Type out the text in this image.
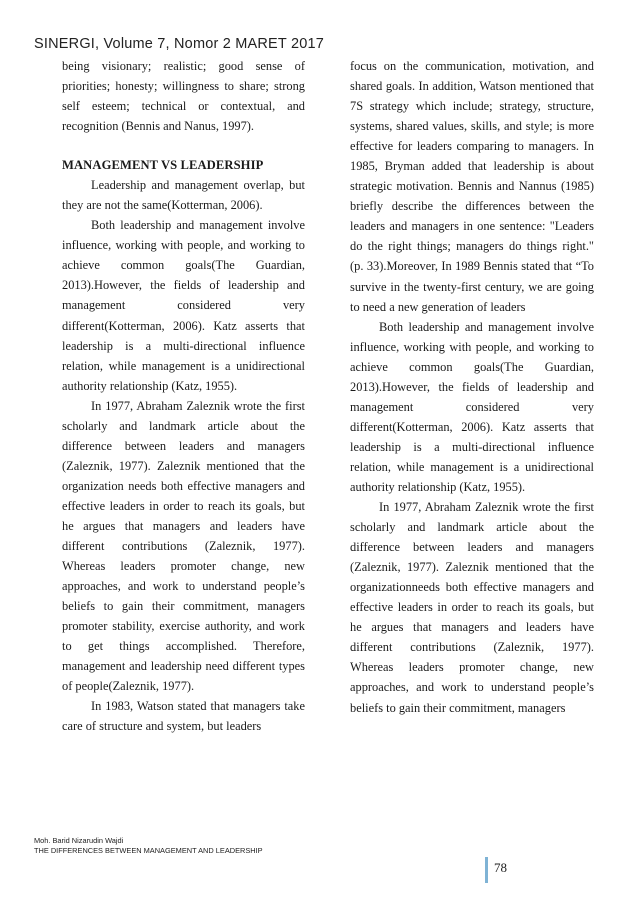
SINERGI, Volume 7, Nomor 2 MARET 2017

being visionary; realistic; good sense of priorities; honesty; willingness to share; strong self esteem; technical or contextual, and recognition (Bennis and Nanus, 1997).

MANAGEMENT VS LEADERSHIP

Leadership and management overlap, but they are not the same(Kotterman, 2006).

Both leadership and management involve influence, working with people, and working to achieve common goals(The Guardian, 2013).However, the fields of leadership and management considered very different(Kotterman, 2006). Katz asserts that leadership is a multi-directional influence relation, while management is a unidirectional authority relationship (Katz, 1955).

In 1977, Abraham Zaleznik wrote the first scholarly and landmark article about the difference between leaders and managers (Zaleznik, 1977). Zaleznik mentioned that the organization needs both effective managers and effective leaders in order to reach its goals, but he argues that managers and leaders have different contributions (Zaleznik, 1977). Whereas leaders promoter change, new approaches, and work to understand people’s beliefs to gain their commitment, managers promoter stability, exercise authority, and work to get things accomplished. Therefore, management and leadership need different types of people(Zaleznik, 1977).

In 1983, Watson stated that managers take care of structure and system, but leaders

focus on the communication, motivation, and shared goals. In addition, Watson mentioned that 7S strategy which include; strategy, structure, systems, shared values, skills, and style; is more effective for leaders comparing to managers. In 1985, Bryman added that leadership is about strategic motivation. Bennis and Nannus (1985) briefly describe the differences between the leaders and managers in one sentence: "Leaders do the right things; managers do things right." (p. 33).Moreover, In 1989 Bennis stated that “To survive in the twenty-first century, we are going to need a new generation of leaders

Both leadership and management involve influence, working with people, and working to achieve common goals(The Guardian, 2013).However, the fields of leadership and management considered very different(Kotterman, 2006). Katz asserts that leadership is a multi-directional influence relation, while management is a unidirectional authority relationship (Katz, 1955).

In 1977, Abraham Zaleznik wrote the first scholarly and landmark article about the difference between leaders and managers (Zaleznik, 1977). Zaleznik mentioned that the organizationneeds both effective managers and effective leaders in order to reach its goals, but he argues that managers and leaders have different contributions (Zaleznik, 1977). Whereas leaders promoter change, new approaches, and work to understand people’s beliefs to gain their commitment, managers

Moh. Barid Nizarudin Wajdi
THE DIFFERENCES BETWEEN MANAGEMENT AND LEADERSHIP
78
